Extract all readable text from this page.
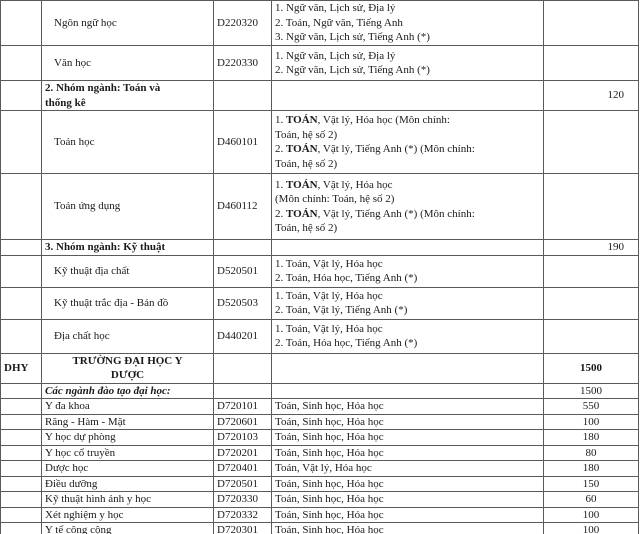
	Ngôn ngữ học	D220320	1. Ngữ văn, Lịch sử, Địa lý
2. Toán, Ngữ văn, Tiếng Anh
3. Ngữ văn, Lịch sử, Tiếng Anh (*)	

	Văn học	D220330	1. Ngữ văn, Lịch sử, Địa lý
2. Ngữ văn, Lịch sử, Tiếng Anh (*)	

	2. Nhóm ngành: Toán và
thống kê			120
	Toán học	D460101	1. TOÁN, Vật lý, Hóa học (Môn chính:
Toán, hệ số 2)
2. TOÁN, Vật lý, Tiếng Anh (*) (Môn chính:
Toán, hệ số 2)	

	Toán ứng dụng	D460112	1. TOÁN, Vật lý, Hóa học
(Môn chính: Toán, hệ số 2)
2. TOÁN, Vật lý, Tiếng Anh (*) (Môn chính:
Toán, hệ số 2)	

	3. Nhóm ngành: Kỹ thuật			190
	Kỹ thuật địa chất	D520501	1. Toán, Vật lý, Hóa học
2. Toán, Hóa học, Tiếng Anh (*)	

	Kỹ thuật trắc địa - Bản đồ	D520503	1. Toán, Vật lý, Hóa học
2. Toán, Vật lý, Tiếng Anh (*)	

	Địa chất học	D440201	1. Toán, Vật lý, Hóa học
2. Toán, Hóa học, Tiếng Anh (*)	

DHY	TRƯỜNG ĐẠI HỌC Y
DƯỢC			1500
	Các ngành đào tạo đại học:			1500
	Y đa khoa	D720101	Toán, Sinh học, Hóa học	550
	Răng - Hàm - Mặt	D720601	Toán, Sinh học, Hóa học	100
	Y học dự phòng	D720103	Toán, Sinh học, Hóa học	180
	Y học cổ truyền	D720201	Toán, Sinh học, Hóa học	80
	Dược học	D720401	Toán, Vật lý, Hóa học	180
	Điều dưỡng	D720501	Toán, Sinh học, Hóa học	150
	Kỹ thuật hình ảnh y học	D720330	Toán, Sinh học, Hóa học	60
	Xét nghiệm y học	D720332	Toán, Sinh học, Hóa học	100
	Y tế công cộng	D720301	Toán, Sinh học, Hóa học	100
